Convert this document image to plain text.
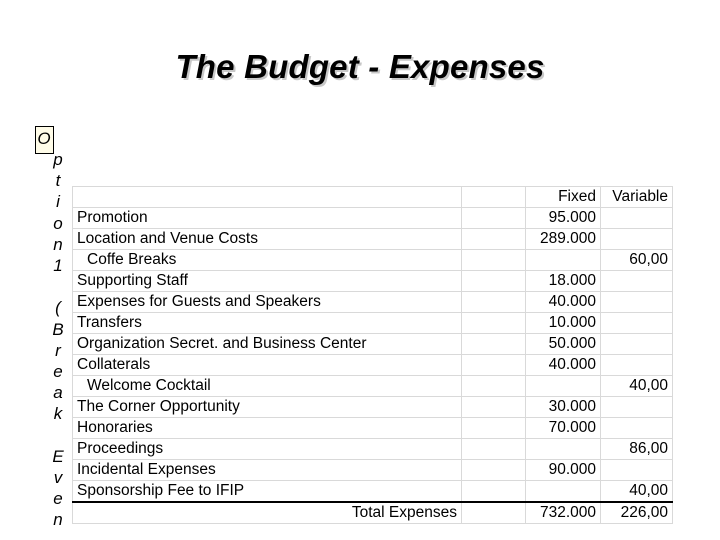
The Budget - Expenses
O
p
t
i
o
n
1

(
B
r
e
a
k

E
v
e
n
		Fixed	Variable
Promotion		95.000	
Location and Venue Costs		289.000	
Coffe Breaks			60,00
Supporting Staff		18.000	
Expenses for Guests and Speakers		40.000	
Transfers		10.000	
Organization Secret. and Business Center		50.000	
Collaterals		40.000	
Welcome Cocktail			40,00
The Corner Opportunity		30.000	
Honoraries		70.000	
Proceedings			86,00
Incidental Expenses		90.000	
Sponsorship Fee to IFIP			40,00
Total Expenses		732.000	226,00
